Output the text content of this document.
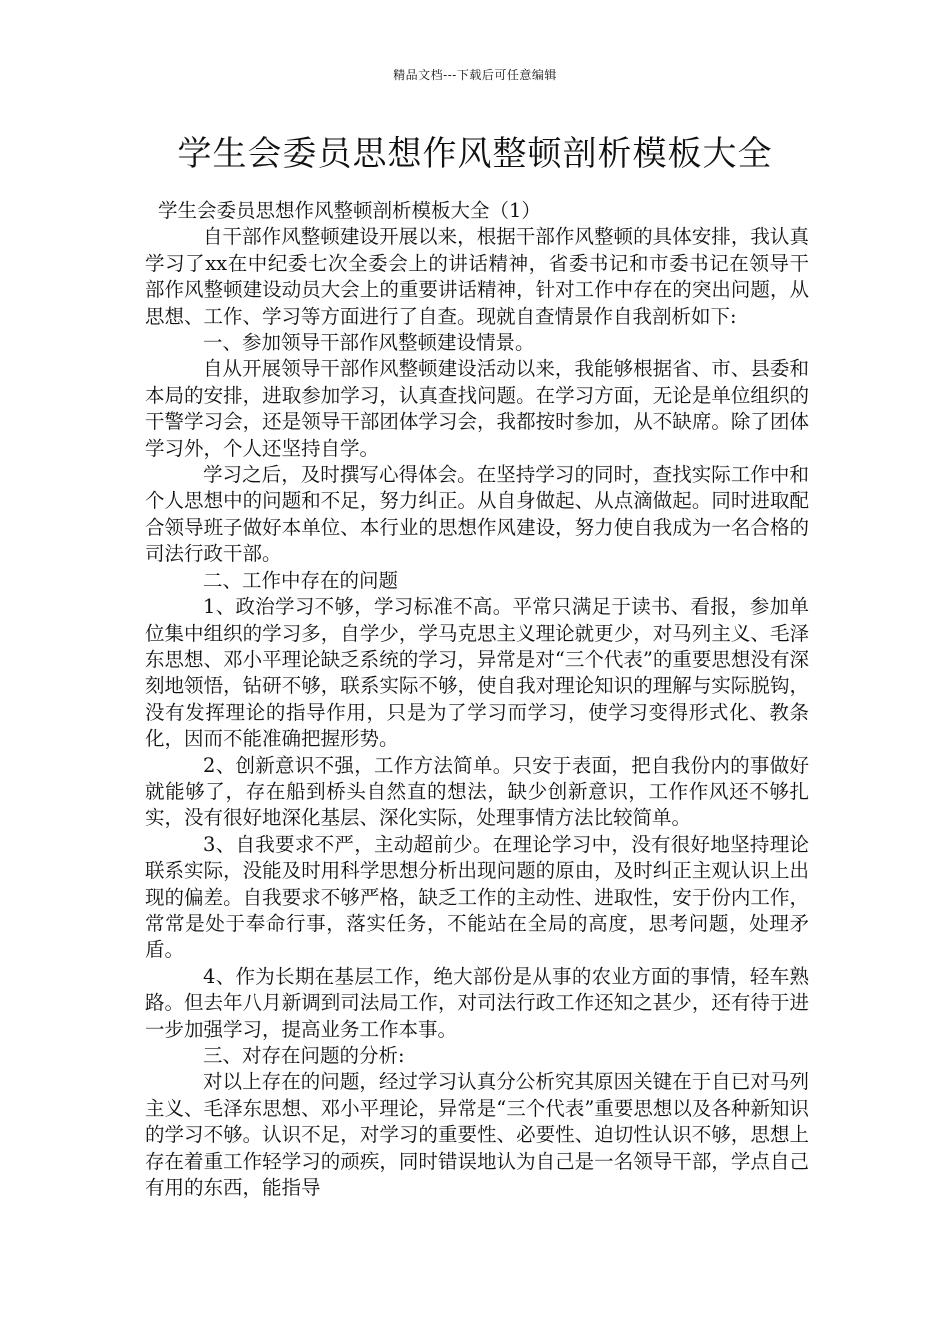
精品文档---下载后可任意编辑
学生会委员思想作风整顿剖析模板大全

学生会委员思想作风整顿剖析模板大全（1）

自干部作风整顿建设开展以来，根据干部作风整顿的具体安排，我认真学习了xx在中纪委七次全委会上的讲话精神，省委书记和市委书记在领导干部作风整顿建设动员大会上的重要讲话精神，针对工作中存在的突出问题，从思想、工作、学习等方面进行了自查。现就自查情景作自我剖析如下:

一、参加领导干部作风整顿建设情景。

自从开展领导干部作风整顿建设活动以来，我能够根据省、市、县委和本局的安排，进取参加学习，认真查找问题。在学习方面，无论是单位组织的干警学习会，还是领导干部团体学习会，我都按时参加，从不缺席。除了团体学习外，个人还坚持自学。

学习之后，及时撰写心得体会。在坚持学习的同时，查找实际工作中和个人思想中的问题和不足，努力纠正。从自身做起、从点滴做起。同时进取配合领导班子做好本单位、本行业的思想作风建设，努力使自我成为一名合格的司法行政干部。

二、工作中存在的问题

1、政治学习不够，学习标准不高。平常只满足于读书、看报，参加单位集中组织的学习多，自学少，学马克思主义理论就更少，对马列主义、毛泽东思想、邓小平理论缺乏系统的学习，异常是对“三个代表”的重要思想没有深刻地领悟，钻研不够，联系实际不够，使自我对理论知识的理解与实际脱钩，没有发挥理论的指导作用，只是为了学习而学习，使学习变得形式化、教条化，因而不能准确把握形势。

2、创新意识不强，工作方法简单。只安于表面，把自我份内的事做好就能够了，存在船到桥头自然直的想法，缺少创新意识，工作作风还不够扎实，没有很好地深化基层、深化实际，处理事情方法比较简单。

3、自我要求不严，主动超前少。在理论学习中，没有很好地坚持理论联系实际，没能及时用科学思想分析出现问题的原由，及时纠正主观认识上出现的偏差。自我要求不够严格，缺乏工作的主动性、进取性，安于份内工作，常常是处于奉命行事，落实任务，不能站在全局的高度，思考问题，处理矛盾。

4、作为长期在基层工作，绝大部份是从事的农业方面的事情，轻车熟路。但去年八月新调到司法局工作，对司法行政工作还知之甚少，还有待于进一步加强学习，提高业务工作本事。

三、对存在问题的分析:

对以上存在的问题，经过学习认真分公析究其原因关键在于自已对马列主义、毛泽东思想、邓小平理论，异常是“三个代表”重要思想以及各种新知识的学习不够。认识不足，对学习的重要性、必要性、迫切性认识不够，思想上存在着重工作轻学习的顽疾，同时错误地认为自己是一名领导干部，学点自己有用的东西，能指导
